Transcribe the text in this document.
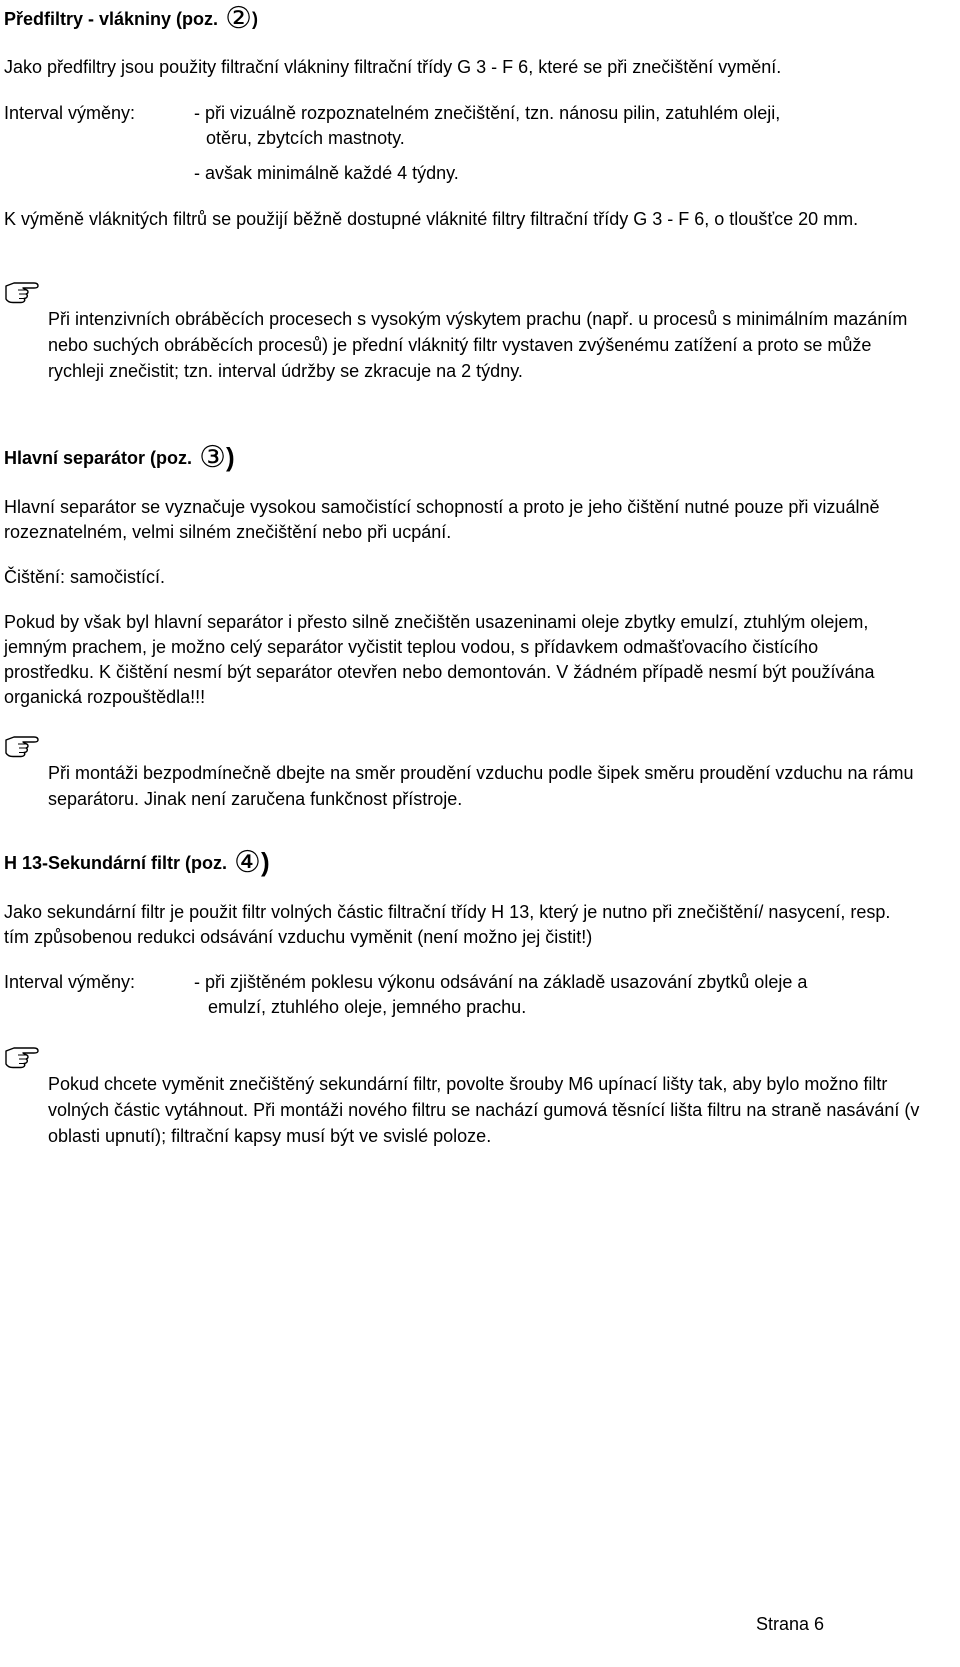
Předfiltry - vlákniny (poz. ②)

Jako předfiltry jsou použity filtrační vlákniny filtrační třídy G 3 - F 6, které se při znečištění vymění.

Interval výměny:	- při vizuálně rozpoznatelném znečištění, tzn. nánosu pilin, zatuhlém oleji,
otěru, zbytcích mastnoty.
- avšak minimálně každé 4 týdny.

K výměně vláknitých filtrů se použijí běžně dostupné vláknité filtry filtrační třídy G 3 - F 6, o tloušťce 20 mm.

Při intenzivních obráběcích procesech s vysokým výskytem prachu (např. u procesů s minimálním mazáním nebo suchých obráběcích procesů) je přední vláknitý filtr vystaven zvýšenému zatížení a proto se může rychleji znečistit; tzn. interval údržby se zkracuje na 2 týdny.

Hlavní separátor (poz. ③)

Hlavní separátor se vyznačuje vysokou samočistící schopností a proto je jeho čištění nutné pouze při vizuálně rozeznatelném, velmi silném znečištění nebo při ucpání.

Čištění: samočistící.

Pokud by však byl hlavní separátor i přesto silně znečištěn usazeninami oleje zbytky emulzí, ztuhlým olejem, jemným prachem, je možno celý separátor vyčistit teplou vodou, s přídavkem odmašťovacího čistícího prostředku. K čištění nesmí být separátor otevřen nebo demontován. V žádném případě nesmí být používána organická rozpouštědla!!!

Při montáži bezpodmínečně dbejte na směr proudění vzduchu podle šipek směru proudění vzduchu na rámu separátoru. Jinak není zaručena funkčnost přístroje.

H 13-Sekundární filtr (poz. ④)

Jako sekundární filtr je použit filtr volných částic filtrační třídy H 13, který je nutno při znečištění/ nasycení, resp. tím způsobenou redukci odsávání vzduchu vyměnit (není možno jej čistit!)

Interval výměny:	- při zjištěném poklesu výkonu odsávání na základě usazování zbytků oleje a
emulzí, ztuhlého oleje, jemného prachu.

Pokud chcete vyměnit znečištěný sekundární filtr, povolte šrouby M6 upínací lišty tak, aby bylo možno filtr volných částic vytáhnout. Při montáži nového filtru se nachází gumová těsnící lišta filtru na straně nasávání (v oblasti upnutí); filtrační kapsy musí být ve svislé poloze.

Strana 6
